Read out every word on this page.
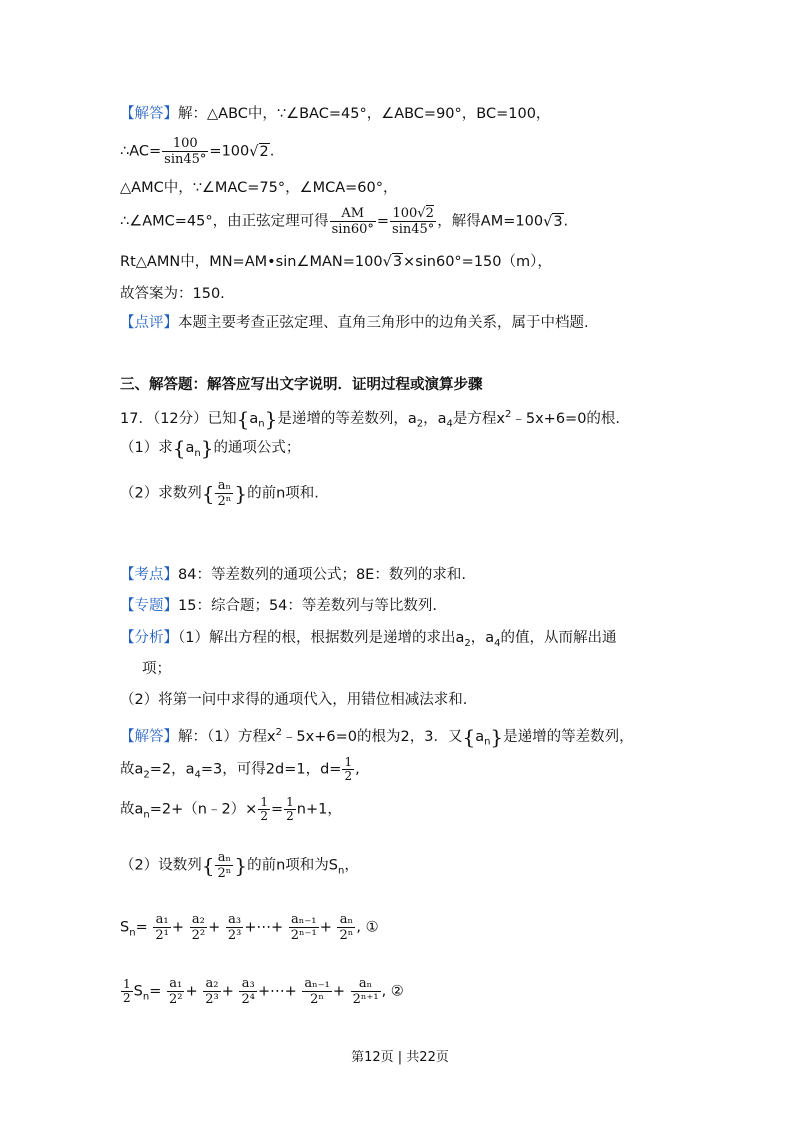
【解答】解：△ABC中，∵∠BAC=45°，∠ABC=90°，BC=100，
∴AC= $\frac{100}{\sin 45^\circ} =100√2$.
△AMC中，∵∠MAC=75°，∠MCA=60°，
∴∠AMC=45°，由正弦定理可得 $\frac{AM}{\sin 60^\circ} = \frac{100√2}{\sin 45^\circ}$ ，解得AM=100√3.
Rt△AMN中，MN=AM•sin∠MAN=100√3×sin60°=150（m），
故答案为：150.
【点评】本题主要考查正弦定理、直角三角形中的边角关系，属于中档题.
三、解答题：解答应写出文字说明．证明过程或演算步骤
17．（12分）已知$\{a_n\}$是递增的等差数列，$a_2$，$a_4$是方程$x^2﹣5x+6=0$的根.
（1）求$\{a_n\}$的通项公式；
（2）求数列{ $\frac{\text{aₙ}}{\text{2ⁿ}}$ }的前n项和.
【考点】84：等差数列的通项公式；8E：数列的求和.
【专题】15：综合题；54：等差数列与等比数列.
【分析】（1）解出方程的根，根据数列是递增的求出$a_2$，$a_4$的值，从而解出通
项；
（2）将第一问中求得的通项代入，用错位相减法求和.
【解答】解：（1）方程$x^2﹣5x+6=0$的根为2，3．又$\{a_n\}$是递增的等差数列，
故$a_2=2$，$a_4=3$，可得2d=1，$d= \frac{1}{2}$ ,
故$a_n=2+(n﹣2)\times \frac{1}{2} = \frac{1}{2} n+1$，
（2）设数列{ $\frac{\text{aₙ}}{\text{2ⁿ}}$ }的前n项和为$S_n$，
$S_n= \frac{\text{a₁}}{\text{2¹}} + \frac{\text{a₂}}{\text{2²}} + \frac{\text{a₃}}{\text{2³}}$ +⋯+ $\frac{\text{aₙ₋₁}}{\text{2ⁿ⁻¹}} + \frac{\text{aₙ}}{\text{2ⁿ}}$ , ①
$\frac{1}{2} S_n= \frac{\text{a₁}}{\text{2²}} + \frac{\text{a₂}}{\text{2³}} + \frac{\text{a₃}}{\text{2⁴}}$ +⋯+ $\frac{\text{aₙ₋₁}}{\text{2ⁿ}} + \frac{\text{aₙ}}{\text{2ⁿ⁺¹}}$ , ②
第12页 | 共22页
